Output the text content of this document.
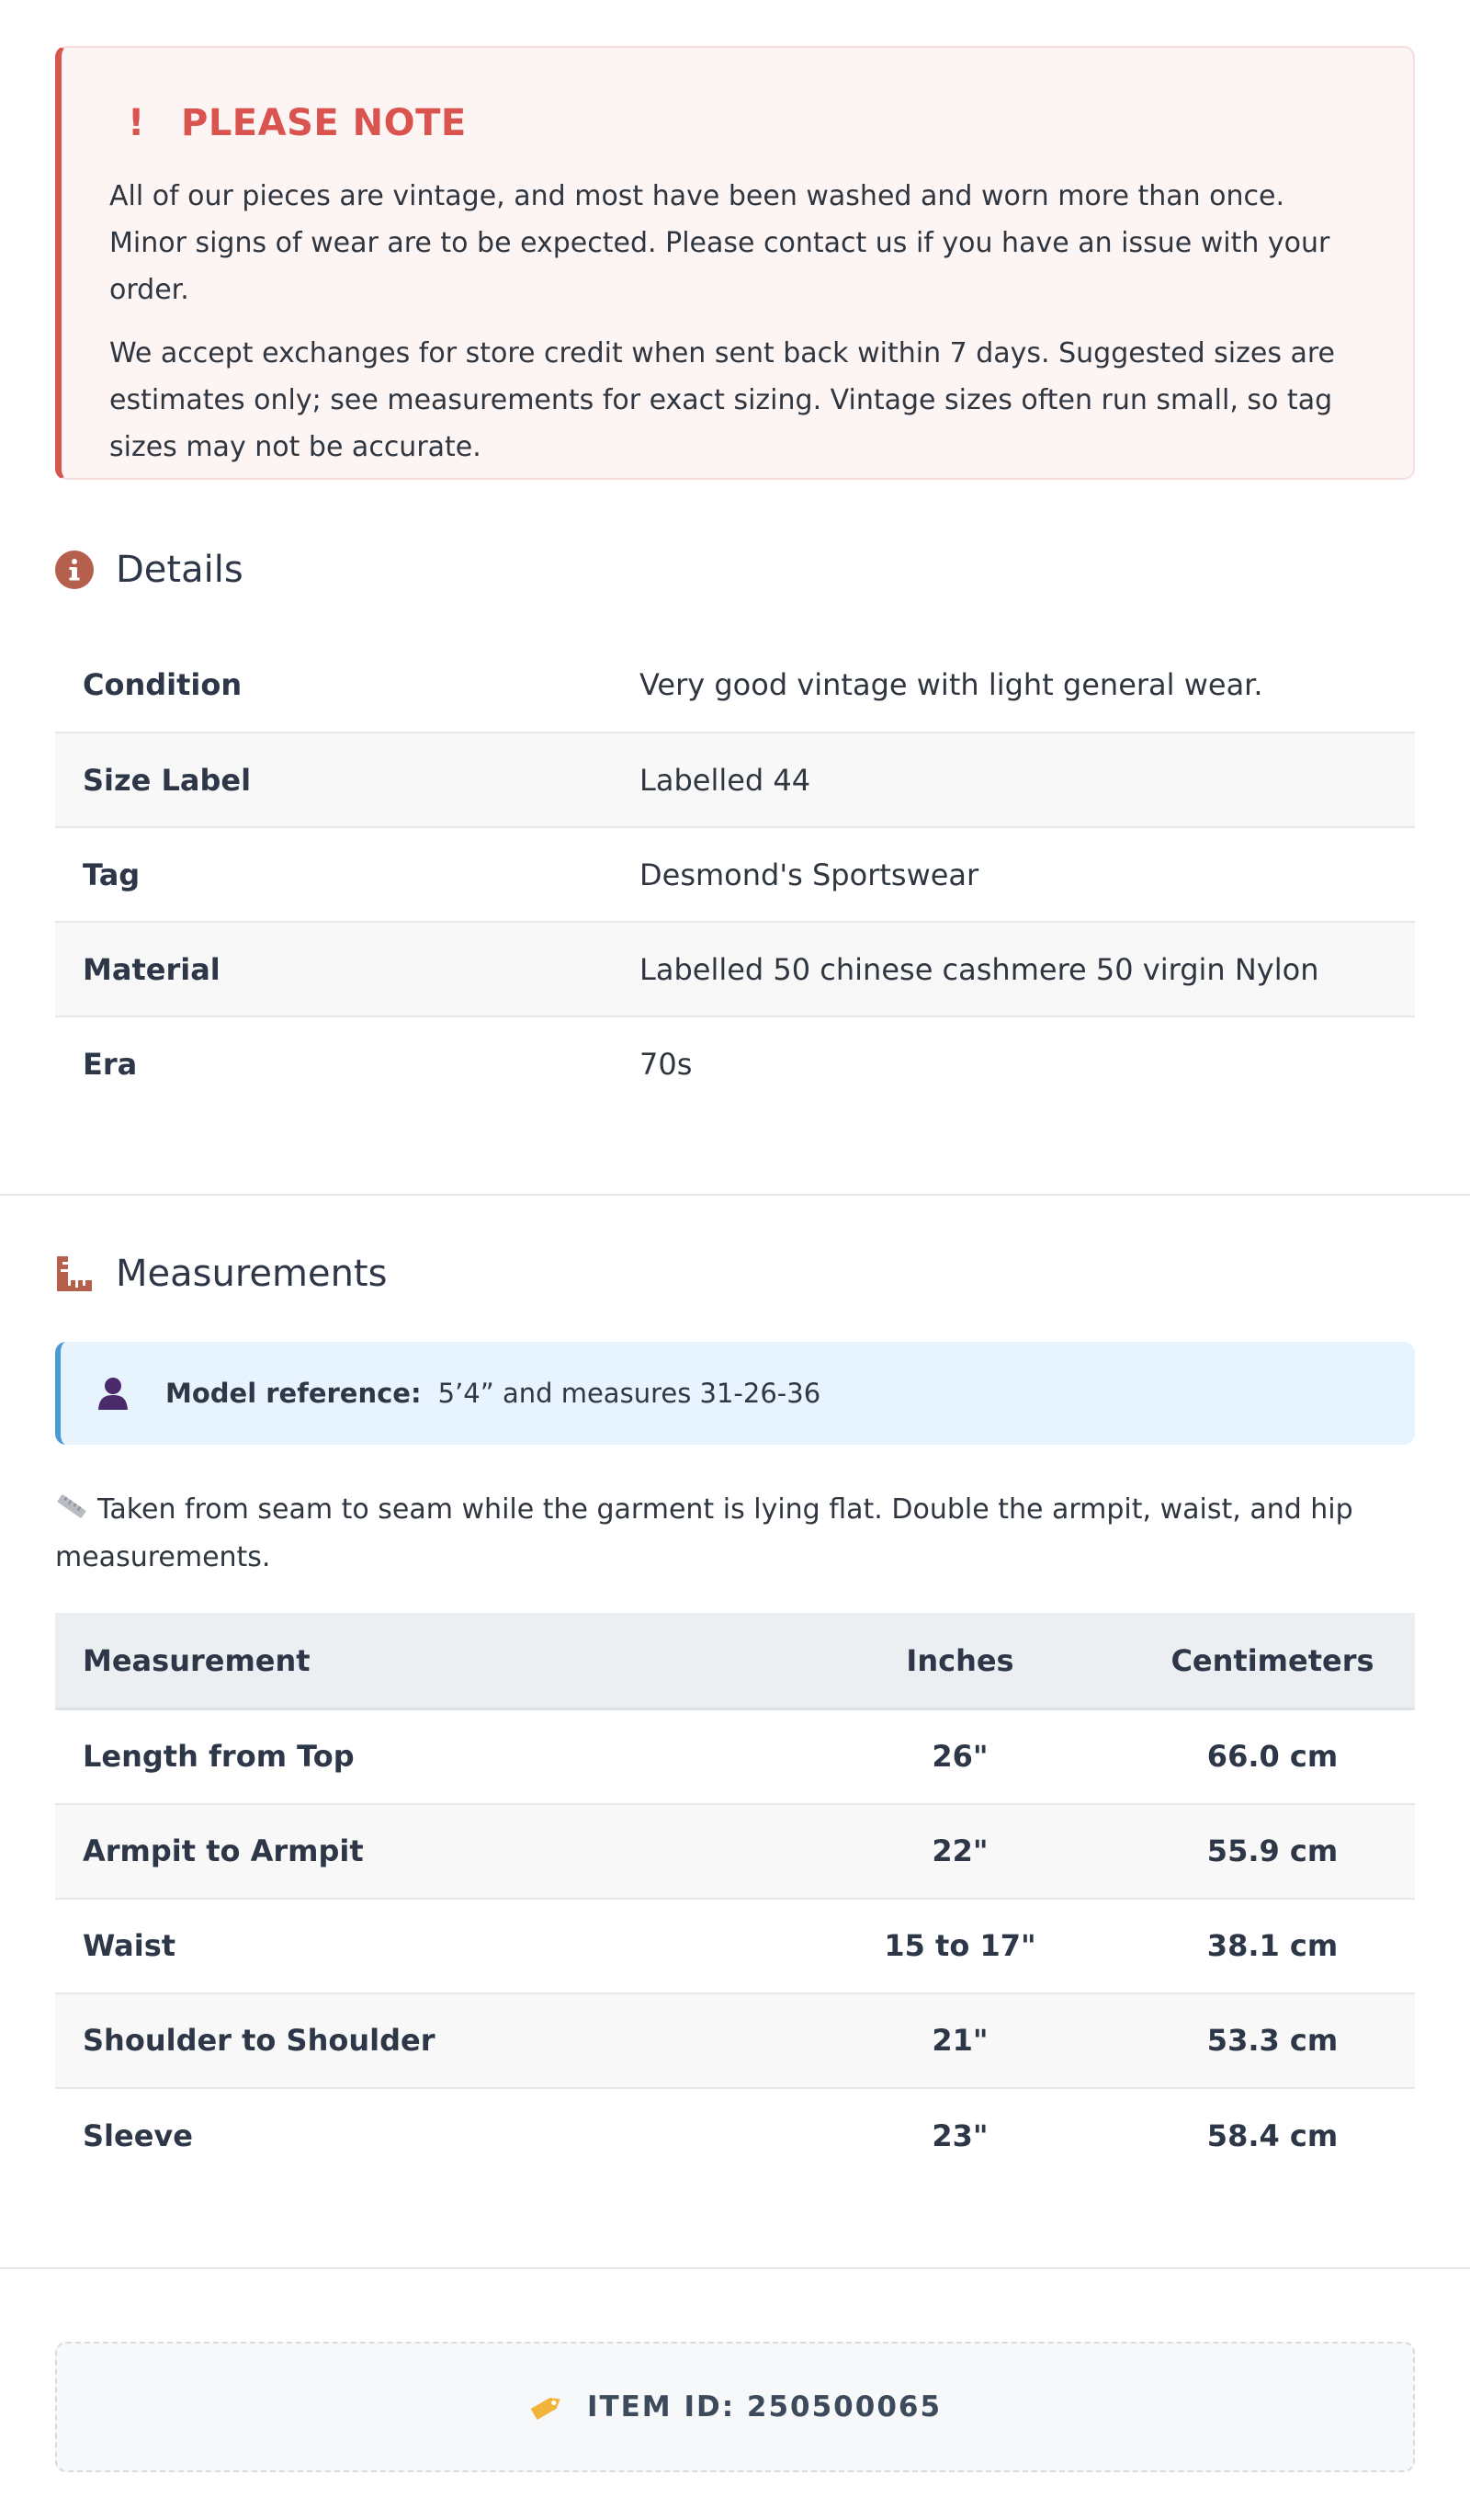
! PLEASE NOTE

All of our pieces are vintage, and most have been washed and worn more than once. Minor signs of wear are to be expected. Please contact us if you have an issue with your order.

We accept exchanges for store credit when sent back within 7 days. Suggested sizes are estimates only; see measurements for exact sizing. Vintage sizes often run small, so tag sizes may not be accurate.

Details
Condition	Very good vintage with light general wear.
Size Label	Labelled 44
Tag	Desmond's Sportswear
Material	Labelled 50 chinese cashmere 50 virgin Nylon
Era	70s
Measurements
Model reference: 5’4” and measures 31-26-36
Taken from seam to seam while the garment is lying flat. Double the armpit, waist, and hip measurements.
Measurement	Inches	Centimeters
Length from Top	26"	66.0 cm
Armpit to Armpit	22"	55.9 cm
Waist	15 to 17"	38.1 cm
Shoulder to Shoulder	21"	53.3 cm
Sleeve	23"	58.4 cm
ITEM ID: 250500065
